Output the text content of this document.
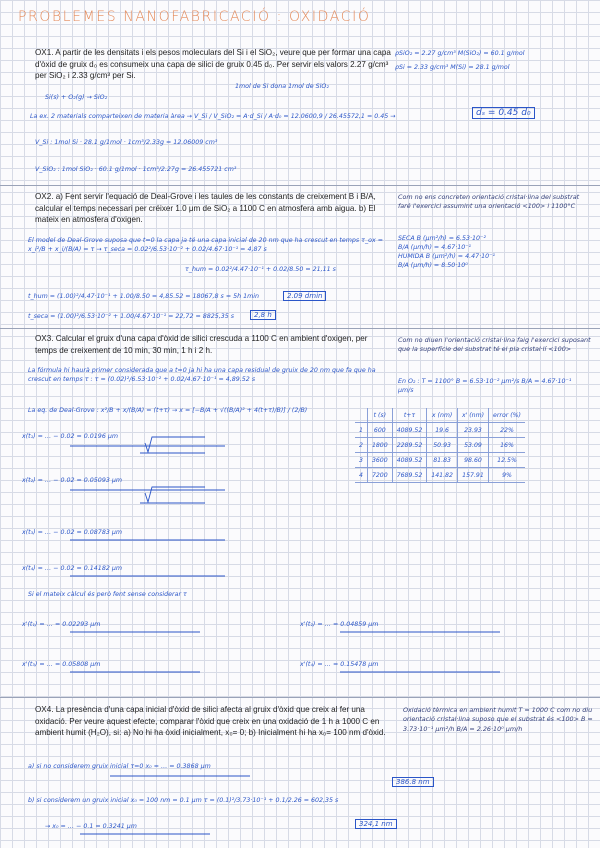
PROBLEMES NANOFABRICACIÓ : OXIDACIÓ
OX1. A partir de les densitats i els pesos moleculars del Si i el SiO₂, veure que per formar una capa d'òxid de gruix d₀ es consumeix una capa de silici de gruix 0.45 d₀. Per servir els valors 2.27 g/cm³ per SiO₂ i 2.33 g/cm³ per Si.
ρSiO₂ = 2.27 g/cm³ M(SiO₂) = 60.1 g/mol
ρSi = 2.33 g/cm³ M(Si) = 28.1 g/mol
1mol de Si dona 1mol de SiO₂
Si(s) + O₂(g) → SiO₂
La ex. 2 materials comparteixen de materia àrea → V_Si / V_SiO₂ = A·d_Si / A·d₀ = 12.0600,9 / 26.45572,1 = 0.45 →	dₛ = 0.45 d₀
V_Si : 1mol Si · 28.1 g/1mol · 1cm³/2.33g = 12.06009 cm³
V_SiO₂ : 1mol SiO₂ · 60.1 g/1mol · 1cm³/2.27g = 26.455721 cm³
OX2. a) Fent servir l'equació de Deal-Grove i les taules de les constants de creixement B i B/A, calcular el temps necessari per créixer 1.0 μm de SiO₂ a 1100 C en atmosfera amb aigua. b) El mateix en atmosfera d'oxigen.
Com no ens concreten orientació cristal·lina del substrat faré l'exercici assumint una orientació <100> i 1100°C
SECA B (μm²/h) = 6.53·10⁻²
B/A (μm/h) = 4.67·10⁻¹
HUMIDA B (μm²/h) = 4.47·10⁻¹
B/A (μm/h) = 8.50·10⁰
El model de Deal-Grove suposa que t=0 la capa ja té una capa inicial de 20 nm que ha crescut en temps τ_ox = x_i²/B + x_i/(B/A) = τ → τ_seca = 0.02²/6.53·10⁻² + 0.02/4.67·10⁻¹ = 4,87 s
τ_hum = 0.02²/4.47·10⁻¹ + 0.02/8.50 = 21,11 s
t_hum = (1.00)²/4.47·10⁻¹ + 1.00/8.50 = 4,85.52 = 18067,8 s = 5h 1min	2.09 dmin
t_seca = (1.00)²/6.53·10⁻² + 1.00/4.67·10⁻¹ = 22,72 = 8825,35 s	2,8 h
OX3. Calcular el gruix d'una capa d'òxid de silici crescuda a 1100 C en ambient d'oxigen, per temps de creixement de 10 min, 30 min, 1 h i 2 h.
Com no diuen l'orientació cristal·lina faig l'exercici suposant que la superfície del substrat té el pla cristal·lí <100>
La fórmula hi haurà primer considerada que a t=0 ja hi ha una capa residual de gruix de 20 nm que fa que ha crescut en temps τ : τ = (0.02)²/6.53·10⁻² + 0.02/4.67·10⁻¹ = 4,89.52 s	En O₂ : T = 1100° B = 6.53·10⁻² μm²/s B/A = 4.67·10⁻¹ μm/s
La eq. de Deal-Grove : x²/B + x/(B/A) = (t+τ) → x = [−B/A + √((B/A)² + 4(t+τ)/B)] / (2/B)
	t (s)	t+τ	x (nm)	x' (nm)	error (%)
1	600	4089.52	19.6	23.93	22%
2	1800	2289.52	50.93	53.09	16%
3	3600	4089.52	81.83	98.60	12.5%
4	7200	7689.52	141.82	157.91	9%
x(t₁) = … − 0.02 = 0.0196 μm
x(t₂) = … − 0.02 = 0.05093 μm
x(t₃) = … − 0.02 = 0.08783 μm
x(t₄) = … − 0.02 = 0.14182 μm
Si el mateix càlcul és però fent sense considerar τ
x'(t₁) = … = 0.02293 μm	x'(t₂) = … = 0.04859 μm
x'(t₃) = … = 0.05808 μm	x'(t₄) = … = 0.15478 μm
OX4. La presència d'una capa inicial d'òxid de silici afecta al gruix d'òxid que creix al fer una oxidació. Per veure aquest efecte, comparar l'òxid que creix en una oxidació de 1 h a 1000 C en ambient humit (H₂O), si: a) No hi ha òxid inicialment, x₀= 0; b) Inicialment hi ha x₀= 100 nm d'òxid.
Oxidació tèrmica en ambient humit T = 1000 C com no diu orientació cristal·lina suposo que el substrat és <100> B = 3.73·10⁻¹ μm²/h B/A = 2.26·10⁰ μm/h
a) si no considerem gruix inicial τ=0 x₀ = … = 0.3868 μm
386.8 nm
b) si considerem un gruix inicial x₀ = 100 nm = 0.1 μm τ = (0.1)²/3.73·10⁻¹ + 0.1/2.26 = 602,35 s
→ x₀ = … − 0.1 = 0.3241 μm	324,1 nm
